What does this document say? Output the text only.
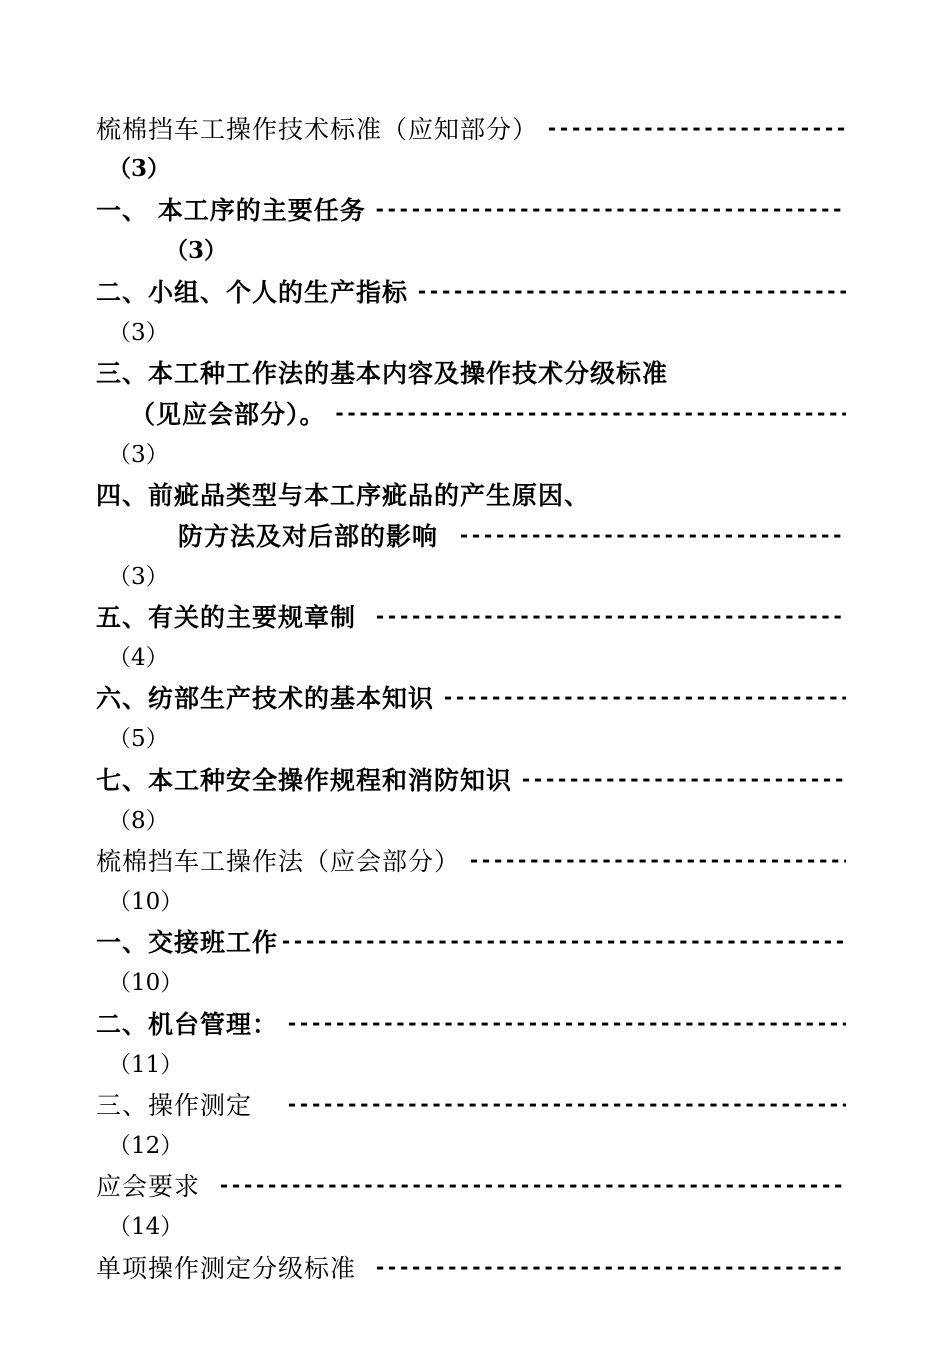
梳棉挡车工操作技术标准（应知部分）
-----
（3）
一、 本工序的主要任务
-----
（3）
二、小组、个人的生产指标
-----
（3）
三、本工种工作法的基本内容及操作技术分级标准
（见应会部分）。
-----
（3）
四、前疵品类型与本工序疵品的产生原因、
防方法及对后部的影响
-----
（3）
五、有关的主要规章制
-----
（4）
六、纺部生产技术的基本知识
-----
（5）
七、本工种安全操作规程和消防知识
-----
（8）
梳棉挡车工操作法（应会部分）
-----
（10）
一、交接班工作
-----
（10）
二、机台管理：
-----
（11）
三、操作测定
-----
（12）
应会要求
-----
（14）
单项操作测定分级标准
-----
